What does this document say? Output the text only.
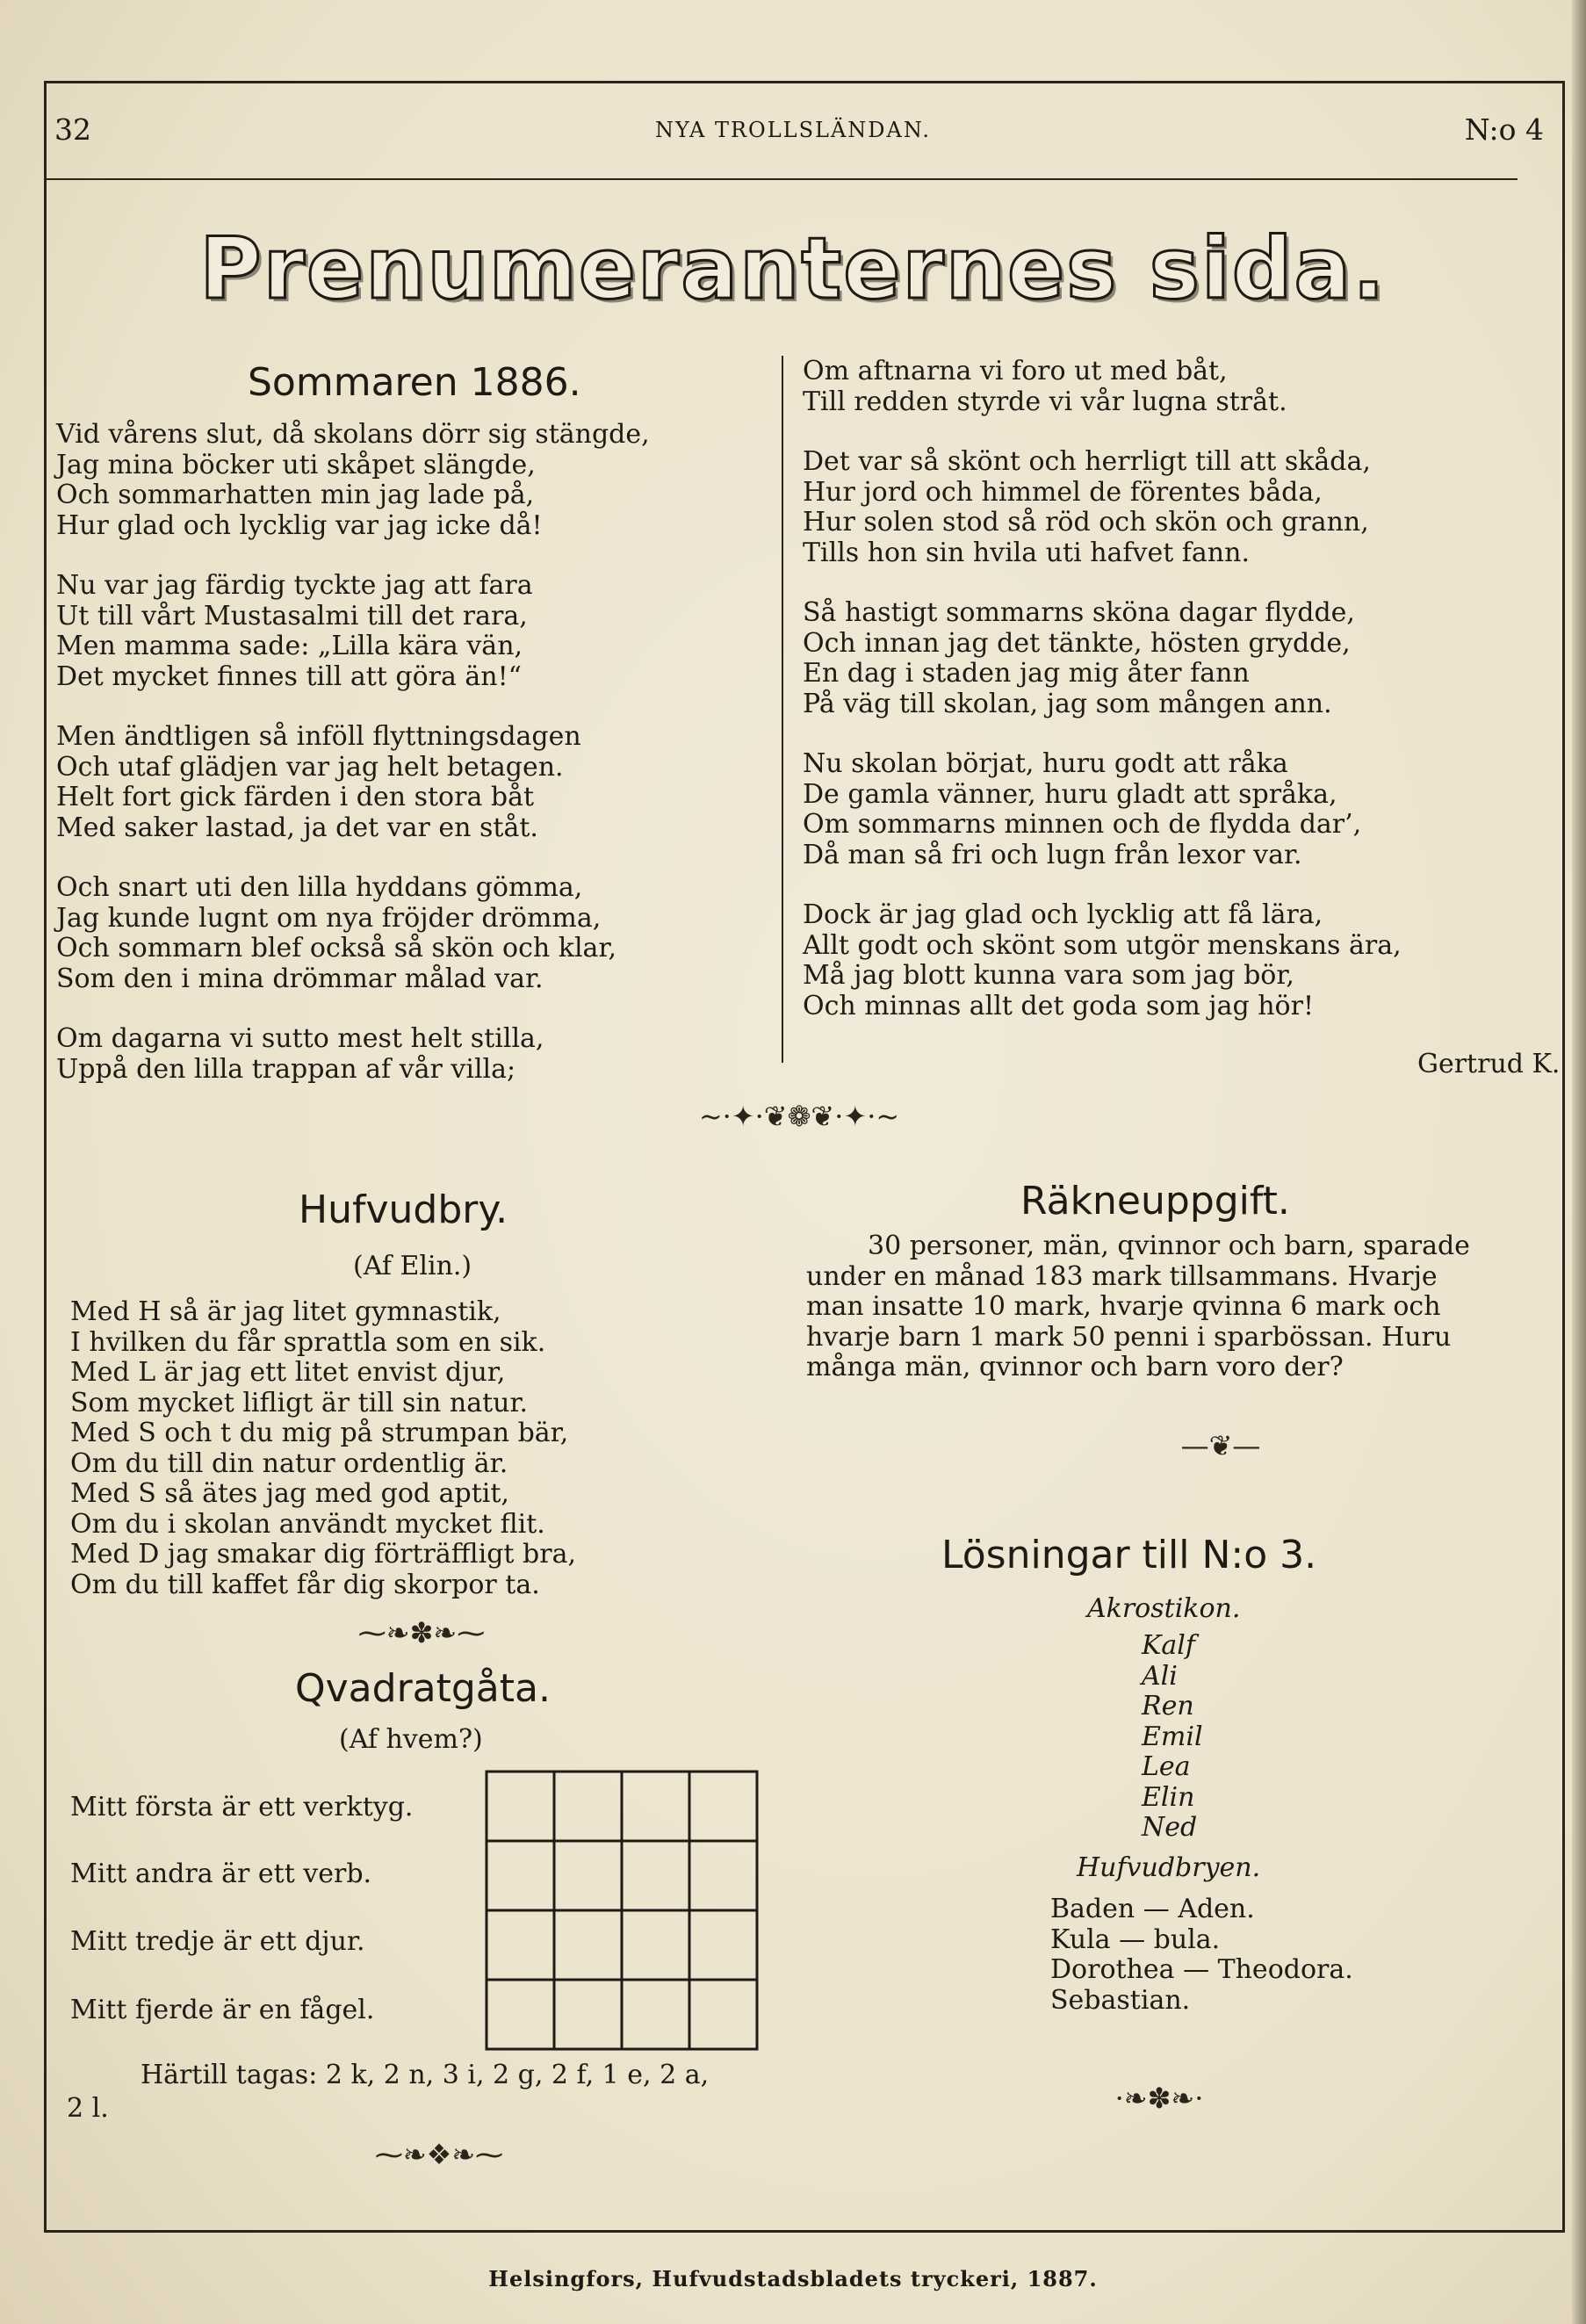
32	NYA TROLLSLÄNDAN.	N:o 4
Prenumeranternes sida.
Sommaren 1886.
Vid vårens slut, då skolans dörr sig stängde,
Jag mina böcker uti skåpet slängde,
Och sommarhatten min jag lade på,
Hur glad och lycklig var jag icke då!
Nu var jag färdig tyckte jag att fara
Ut till vårt Mustasalmi till det rara,
Men mamma sade: „Lilla kära vän,
Det mycket finnes till att göra än!“
Men ändtligen så inföll flyttningsdagen
Och utaf glädjen var jag helt betagen.
Helt fort gick färden i den stora båt
Med saker lastad, ja det var en ståt.
Och snart uti den lilla hyddans gömma,
Jag kunde lugnt om nya fröjder drömma,
Och sommarn blef också så skön och klar,
Som den i mina drömmar målad var.
Om dagarna vi sutto mest helt stilla,
Uppå den lilla trappan af vår villa;
Om aftnarna vi foro ut med båt,
Till redden styrde vi vår lugna stråt.
Det var så skönt och herrligt till att skåda,
Hur jord och himmel de förentes båda,
Hur solen stod så röd och skön och grann,
Tills hon sin hvila uti hafvet fann.
Så hastigt sommarns sköna dagar flydde,
Och innan jag det tänkte, hösten grydde,
En dag i staden jag mig åter fann
På väg till skolan, jag som mången ann.
Nu skolan börjat, huru godt att råka
De gamla vänner, huru gladt att språka,
Om sommarns minnen och de flydda dar’,
Då man så fri och lugn från lexor var.
Dock är jag glad och lycklig att få lära,
Allt godt och skönt som utgör menskans ära,
Må jag blott kunna vara som jag bör,
Och minnas allt det goda som jag hör!
Gertrud K.
~·✦·❦❁❦·✦·~
Hufvudbry.
(Af Elin.)
Med H så är jag litet gymnastik,
I hvilken du får sprattla som en sik.
Med L är jag ett litet envist djur,
Som mycket lifligt är till sin natur.
Med S och t du mig på strumpan bär,
Om du till din natur ordentlig är.
Med S så ätes jag med god aptit,
Om du i skolan användt mycket flit.
Med D jag smakar dig förträffligt bra,
Om du till kaffet får dig skorpor ta.
⁓❧✽❧⁓
Qvadratgåta.
(Af hvem?)
Mitt första är ett verktyg.
Mitt andra är ett verb.
Mitt tredje är ett djur.
Mitt fjerde är en fågel.
Härtill tagas: 2 k, 2 n, 3 i, 2 g, 2 f, 1 e, 2 a,
2 l.
⁓❧❖❧⁓
Räkneuppgift.
30 personer, män, qvinnor och barn, sparade
under en månad 183 mark tillsammans. Hvarje
man insatte 10 mark, hvarje qvinna 6 mark och
hvarje barn 1 mark 50 penni i sparbössan. Huru
många män, qvinnor och barn voro der?
—❦—
Lösningar till N:o 3.
Akrostikon.
Kalf
Ali
Ren
Emil
Lea
Elin
Ned
Hufvudbryen.
Baden — Aden.
Kula — bula.
Dorothea — Theodora.
Sebastian.
·❧✽❧·
Helsingfors, Hufvudstadsbladets tryckeri, 1887.
